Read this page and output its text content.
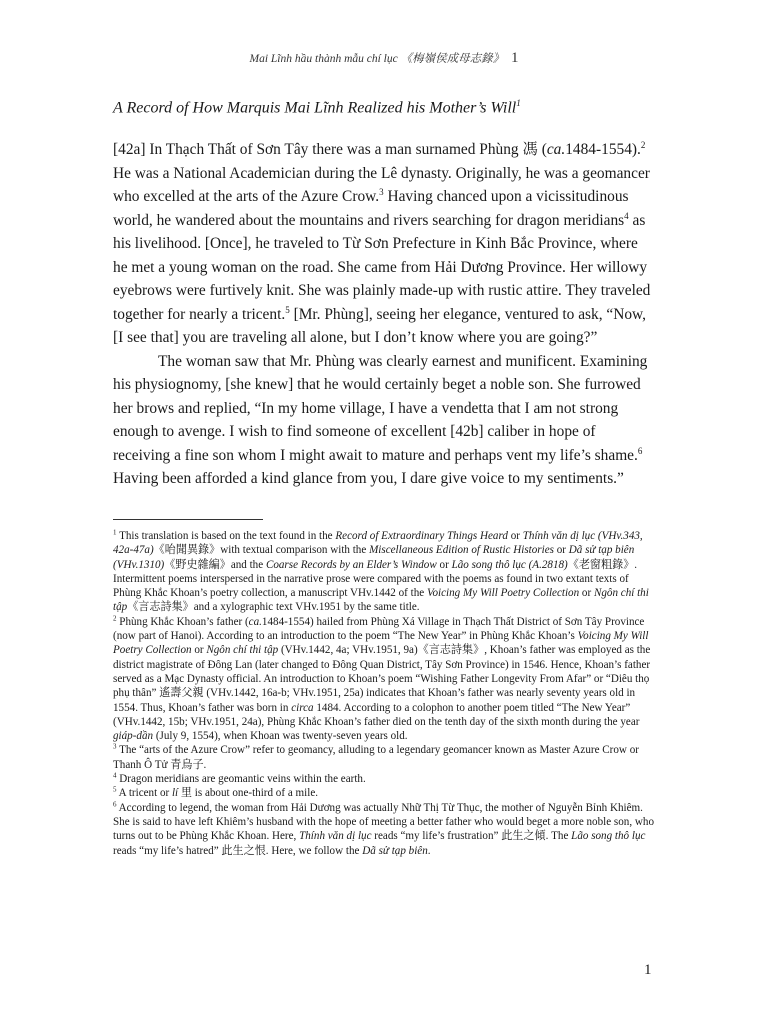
Mai Lĩnh hầu thành mẫu chí lục 《梅嶺侯成母志錄》 1
A Record of How Marquis Mai Lĩnh Realized his Mother’s Will$^1$

[42a] In Thạch Thất of Sơn Tây there was a man surnamed Phùng 馮 (ca.1484-1554).$^2$ He was a National Academician during the Lê dynasty. Originally, he was a geomancer who excelled at the arts of the Azure Crow.$^3$ Having chanced upon a vicissitudinous world, he wandered about the mountains and rivers searching for dragon meridians$^4$ as his livelihood. [Once], he traveled to Từ Sơn Prefecture in Kinh Bắc Province, where he met a young woman on the road. She came from Hải Dương Province. Her willowy eyebrows were furtively knit. She was plainly made-up with rustic attire. They traveled together for nearly a tricent.$^5$ [Mr. Phùng], seeing her elegance, ventured to ask, “Now, [I see that] you are traveling all alone, but I don’t know where you are going?”

The woman saw that Mr. Phùng was clearly earnest and munificent. Examining his physiognomy, [she knew] that he would certainly beget a noble son. She furrowed her brows and replied, “In my home village, I have a vendetta that I am not strong enough to avenge. I wish to find someone of excellent [42b] caliber in hope of receiving a fine son whom I might await to mature and perhaps vent my life’s shame.$^6$ Having been afforded a kind glance from you, I dare give voice to my sentiments.”

$^1$ This translation is based on the text found in the Record of Extraordinary Things Heard or Thính văn dị lục (VHv.343, 42a-47a)《咍聞異錄》with textual comparison with the Miscellaneous Edition of Rustic Histories or Dã sử tạp biên (VHv.1310)《野史雜編》and the Coarse Records by an Elder’s Window or Lão song thô lục (A.2818)《老窗粗錄》. Intermittent poems interspersed in the narrative prose were compared with the poems as found in two extant texts of Phùng Khắc Khoan’s poetry collection, a manuscript VHv.1442 of the Voicing My Will Poetry Collection or Ngôn chí thi tập《言志詩集》and a xylographic text VHv.1951 by the same title.

$^2$ Phùng Khắc Khoan’s father (ca.1484-1554) hailed from Phùng Xá Village in Thạch Thất District of Sơn Tây Province (now part of Hanoi). According to an introduction to the poem “The New Year” in Phùng Khắc Khoan’s Voicing My Will Poetry Collection or Ngôn chí thi tập (VHv.1442, 4a; VHv.1951, 9a)《言志詩集》, Khoan’s father was employed as the district magistrate of Đông Lan (later changed to Đông Quan District, Tây Sơn Province) in 1546. Hence, Khoan’s father served as a Mạc Dynasty official. An introduction to Khoan’s poem “Wishing Father Longevity From Afar” or “Diêu thọ phụ thân” 遙壽父親 (VHv.1442, 16a-b; VHv.1951, 25a) indicates that Khoan’s father was nearly seventy years old in 1554. Thus, Khoan’s father was born in circa 1484. According to a colophon to another poem titled “The New Year” (VHv.1442, 15b; VHv.1951, 24a), Phùng Khắc Khoan’s father died on the tenth day of the sixth month during the year giáp-dần (July 9, 1554), when Khoan was twenty-seven years old.

$^3$ The “arts of the Azure Crow” refer to geomancy, alluding to a legendary geomancer known as Master Azure Crow or Thanh Ô Tử 青烏子.

$^4$ Dragon meridians are geomantic veins within the earth.

$^5$ A tricent or lí 里 is about one-third of a mile.

$^6$ According to legend, the woman from Hải Dương was actually Nhữ Thị Từ Thục, the mother of Nguyễn Bỉnh Khiêm. She is said to have left Khiêm’s husband with the hope of meeting a better father who would beget a more noble son, who turns out to be Phùng Khắc Khoan. Here, Thính văn dị lục reads “my life’s frustration” 此生之傾. The Lão song thô lục reads “my life’s hatred” 此生之恨. Here, we follow the Dã sử tạp biên.

1
